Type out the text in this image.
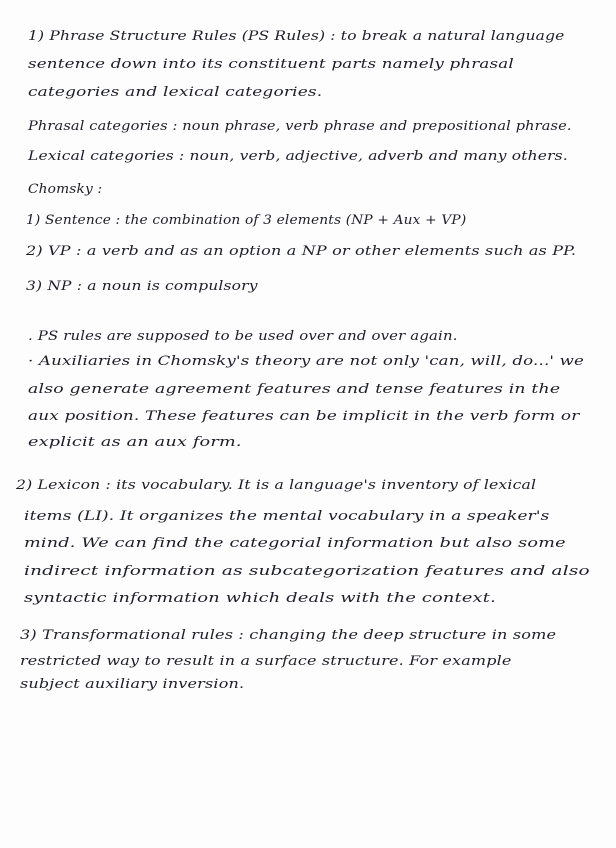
1) Phrase Structure Rules (PS Rules) : to break a natural language
sentence down into its constituent parts namely phrasal
categories and lexical categories.
Phrasal categories : noun phrase, verb phrase and prepositional phrase.
Lexical categories : noun, verb, adjective, adverb and many others.
Chomsky :
1) Sentence : the combination of 3 elements (NP + Aux + VP)
2) VP : a verb and as an option a NP or other elements such as PP.
3) NP : a noun is compulsory
. PS rules are supposed to be used over and over again.
· Auxiliaries in Chomsky's theory are not only 'can, will, do...' we
also generate agreement features and tense features in the
aux position. These features can be implicit in the verb form or
explicit as an aux form.
2) Lexicon : its vocabulary. It is a language's inventory of lexical
items (LI). It organizes the mental vocabulary in a speaker's
mind. We can find the categorial information but also some
indirect information as subcategorization features and also
syntactic information which deals with the context.
3) Transformational rules : changing the deep structure in some
restricted way to result in a surface structure. For example
subject auxiliary inversion.
